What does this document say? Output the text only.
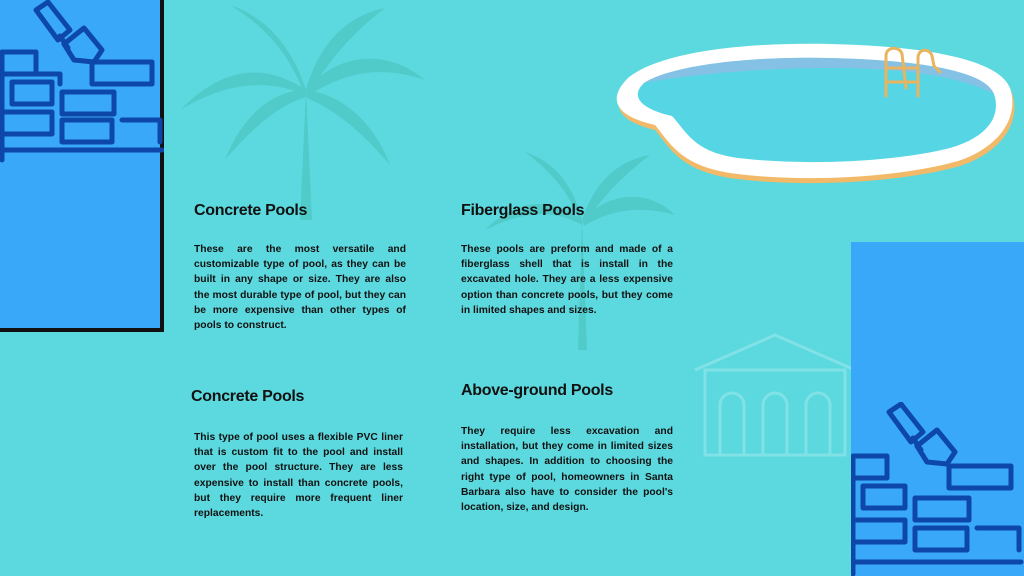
Concrete Pools

These are the most versatile and customizable type of pool, as they can be built in any shape or size. They are also the most durable type of pool, but they can be more expensive than other types of pools to construct.

Fiberglass Pools

These pools are preform and made of a fiberglass shell that is install in the excavated hole. They are a less expensive option than concrete pools, but they come in limited shapes and sizes.

Concrete Pools

This type of pool uses a flexible PVC liner that is custom fit to the pool and install over the pool structure. They are less expensive to install than concrete pools, but they require more frequent liner replacements.

Above-ground Pools

They require less excavation and installation, but they come in limited sizes and shapes. In addition to choosing the right type of pool, homeowners in Santa Barbara also have to consider the pool's location, size, and design.
